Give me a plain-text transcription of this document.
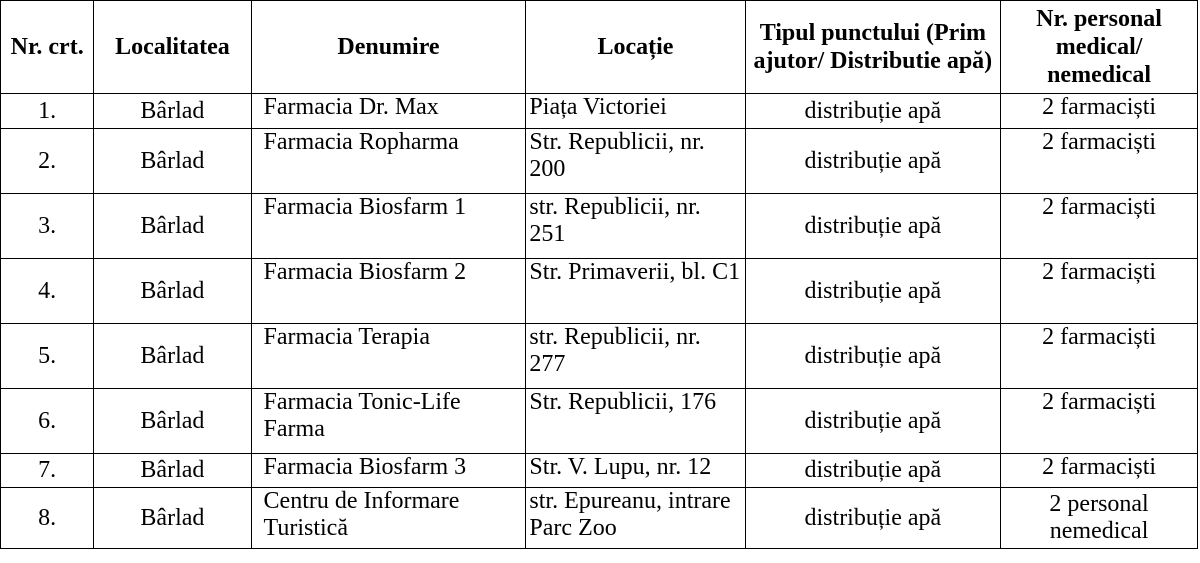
Nr. crt.	Localitatea	Denumire	Locație	Tipul punctului (Prim ajutor/ Distributie apă)	Nr. personal medical/ nemedical
1.	Bârlad	Farmacia Dr. Max	Piața Victoriei	distribuție apă	2 farmaciști
2.	Bârlad	Farmacia Ropharma	Str. Republicii, nr. 200	distribuție apă	2 farmaciști
3.	Bârlad	Farmacia Biosfarm 1	str. Republicii, nr. 251	distribuție apă	2 farmaciști
4.	Bârlad	Farmacia Biosfarm 2	Str. Primaverii, bl. C1	distribuție apă	2 farmaciști
5.	Bârlad	Farmacia Terapia	str. Republicii, nr. 277	distribuție apă	2 farmaciști
6.	Bârlad	Farmacia Tonic-Life Farma	Str. Republicii, 176	distribuție apă	2 farmaciști
7.	Bârlad	Farmacia Biosfarm 3	Str. V. Lupu, nr. 12	distribuție apă	2 farmaciști
8.	Bârlad	Centru de Informare Turistică	str. Epureanu, intrare Parc Zoo	distribuție apă	2 personal nemedical
